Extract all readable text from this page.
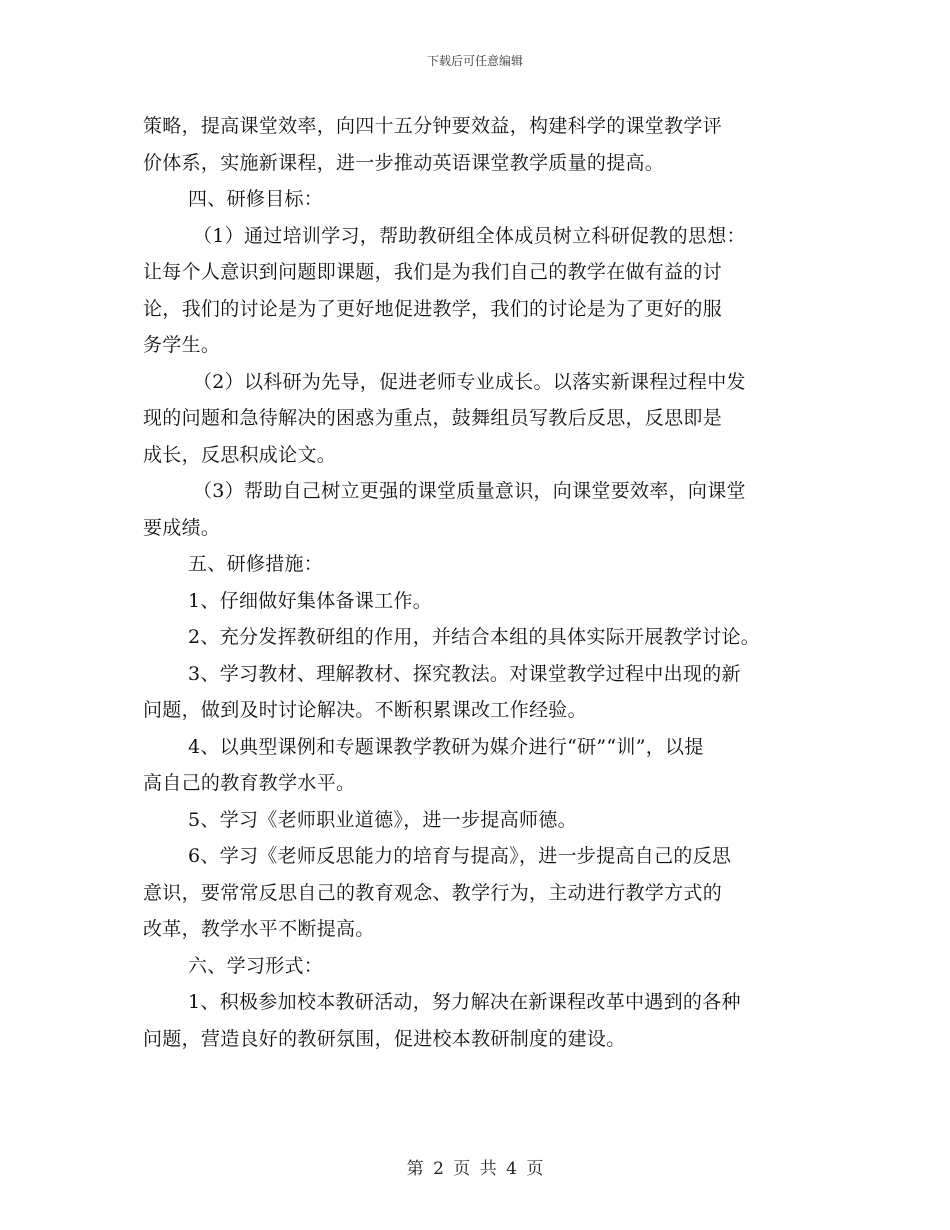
下载后可任意编辑
策略，提高课堂效率，向四十五分钟要效益，构建科学的课堂教学评
价体系，实施新课程，进一步推动英语课堂教学质量的提高。
四、研修目标：
（1）通过培训学习，帮助教研组全体成员树立科研促教的思想：
让每个人意识到问题即课题，我们是为我们自己的教学在做有益的讨
论，我们的讨论是为了更好地促进教学，我们的讨论是为了更好的服
务学生。
（2）以科研为先导，促进老师专业成长。以落实新课程过程中发
现的问题和急待解决的困惑为重点，鼓舞组员写教后反思，反思即是
成长，反思积成论文。
（3）帮助自己树立更强的课堂质量意识，向课堂要效率，向课堂
要成绩。
五、研修措施：
1、仔细做好集体备课工作。
2、充分发挥教研组的作用，并结合本组的具体实际开展教学讨论。
3、学习教材、理解教材、探究教法。对课堂教学过程中出现的新
问题，做到及时讨论解决。不断积累课改工作经验。
4、以典型课例和专题课教学教研为媒介进行“研”“训”，以提
高自己的教育教学水平。
5、学习《老师职业道德》，进一步提高师德。
6、学习《老师反思能力的培育与提高》，进一步提高自己的反思
意识，要常常反思自己的教育观念、教学行为，主动进行教学方式的
改革，教学水平不断提高。
六、学习形式：
1、积极参加校本教研活动，努力解决在新课程改革中遇到的各种
问题，营造良好的教研氛围，促进校本教研制度的建设。
第 2 页 共 4 页
